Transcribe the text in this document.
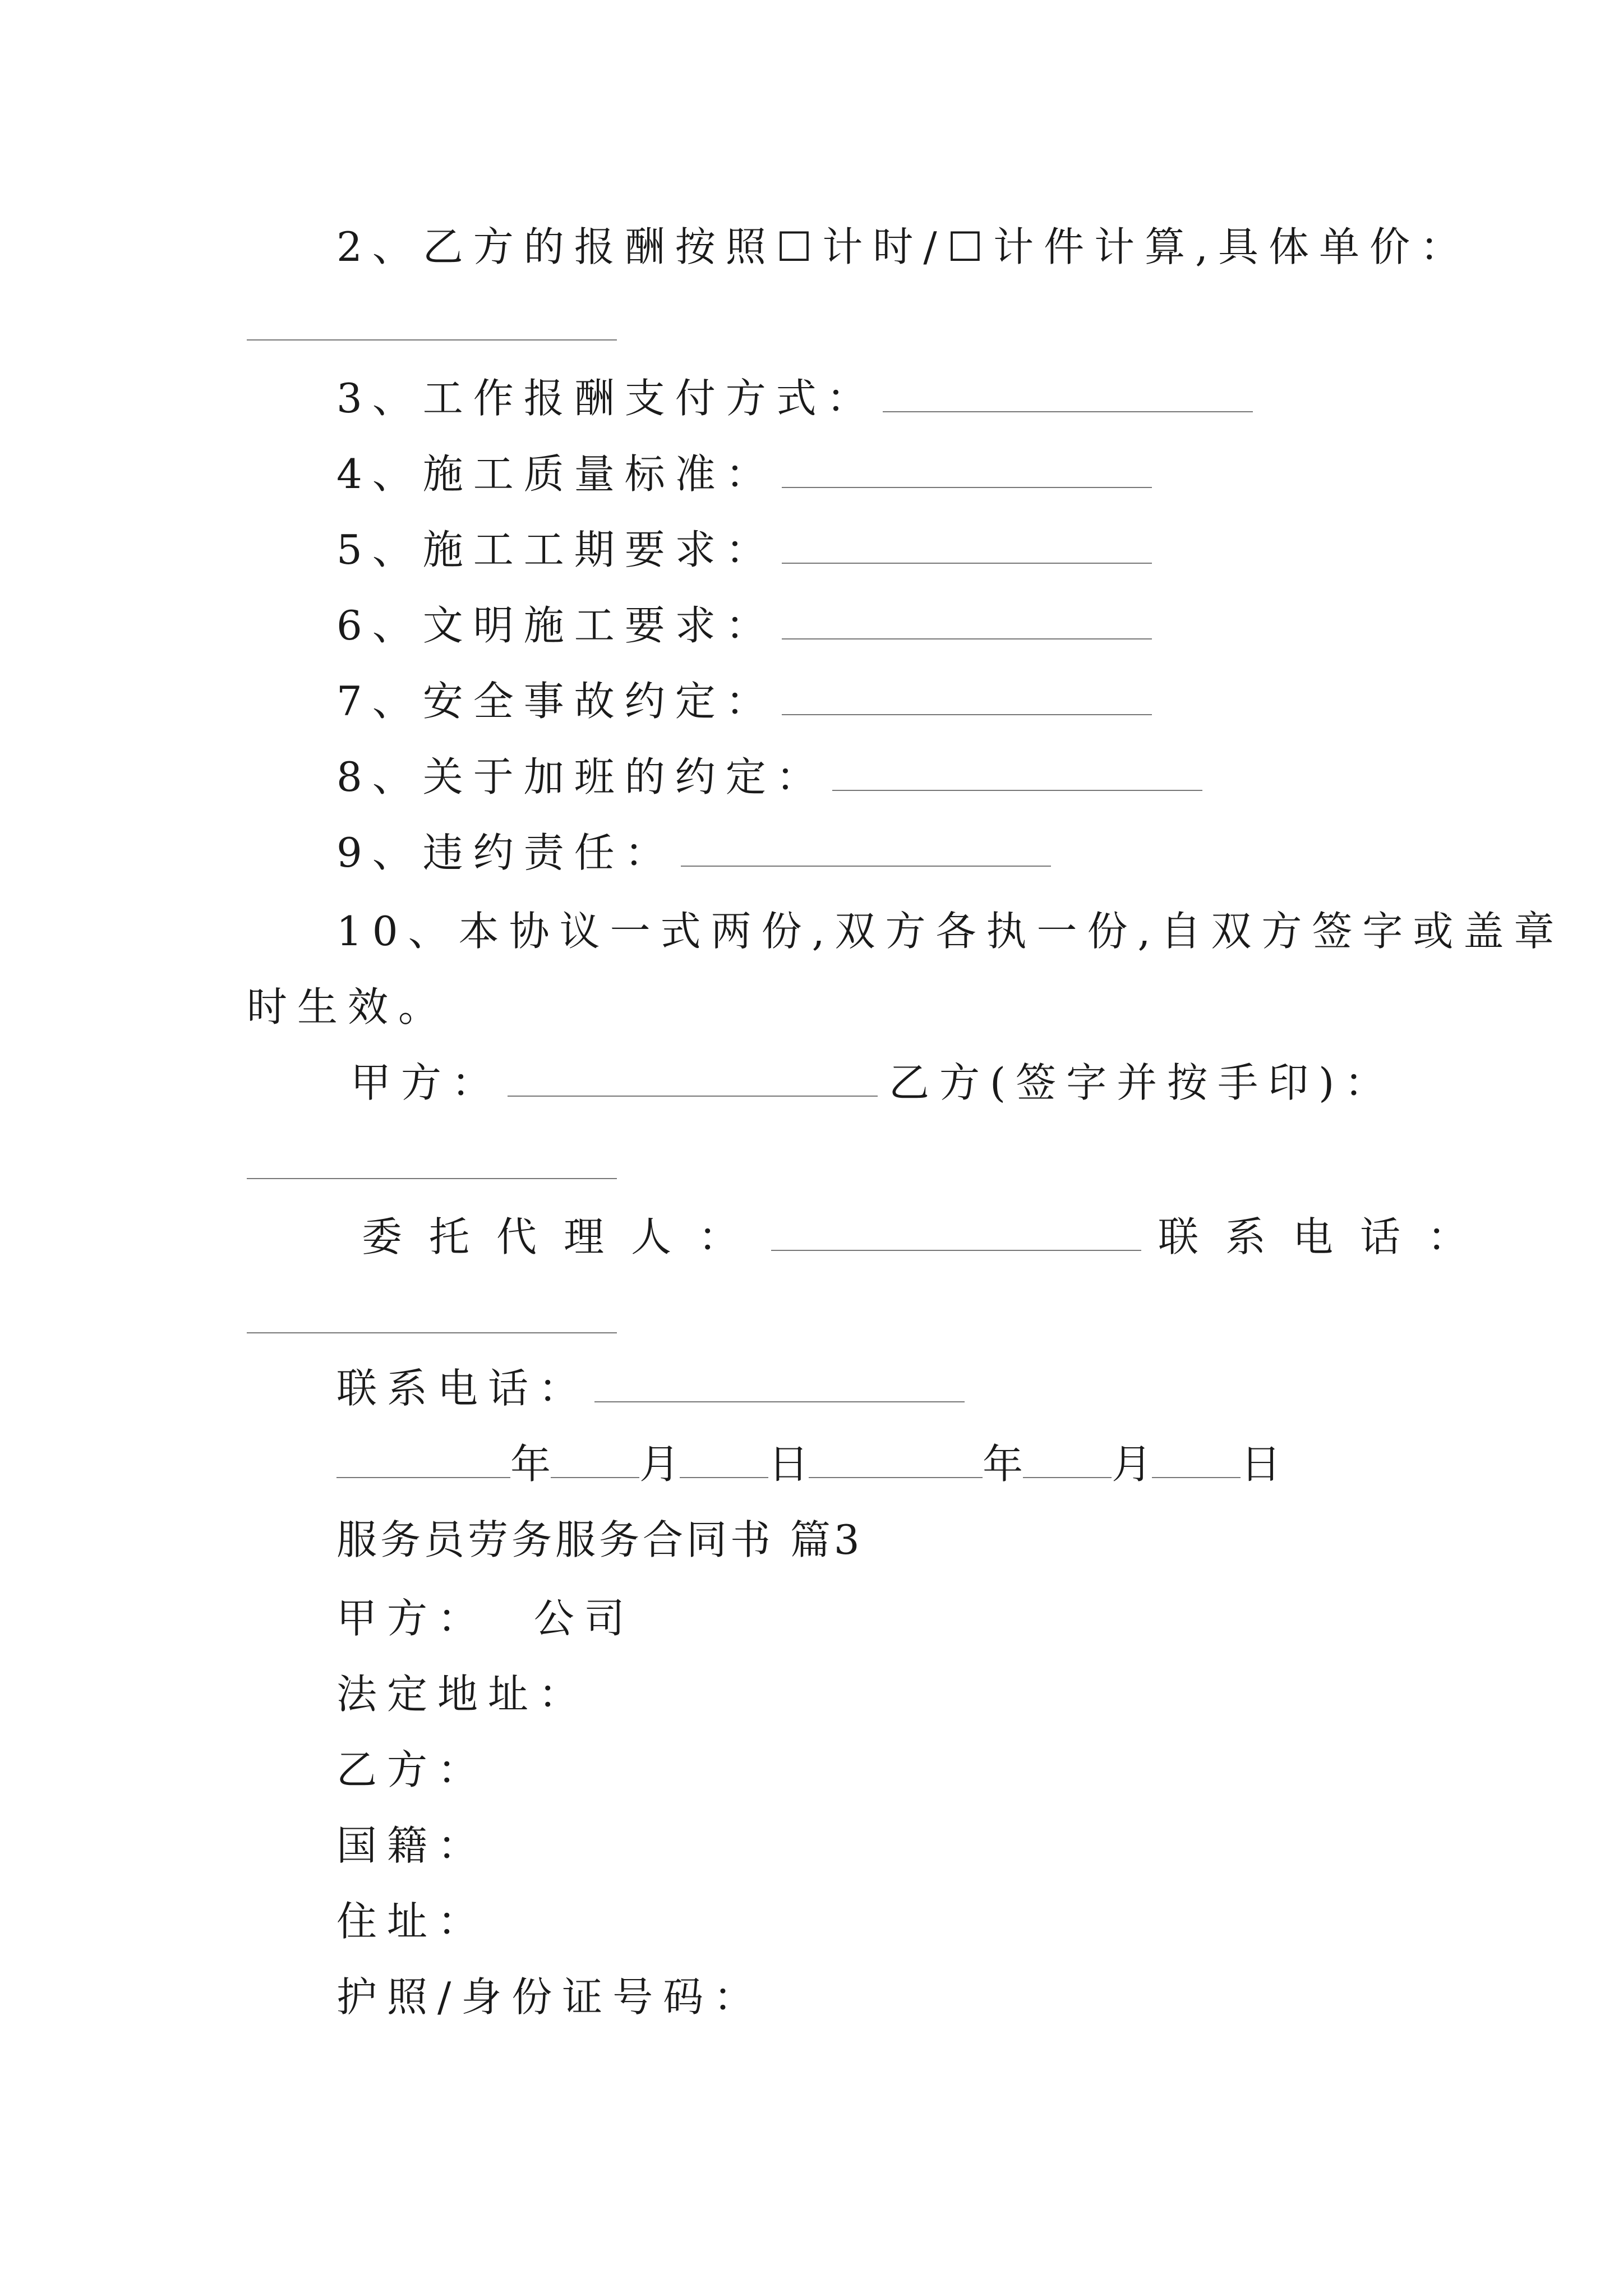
2、乙方的报酬按照☐计时/☐计件计算,具体单价：
3、工作报酬支付方式：
4、施工质量标准：
5、施工工期要求：
6、文明施工要求：
7、安全事故约定：
8、关于加班的约定：
9、违约责任：
10、本协议一式两份,双方各执一份,自双方签字或盖章
时生效。
甲方：	乙方(签字并按手印)：
委托代理人：	联系电话：
联系电话：
年 月 日	年 月 日
服务员劳务服务合同书 篇3
甲方：  公司
法定地址：
乙方：
国籍：
住址：
护照/身份证号码：
